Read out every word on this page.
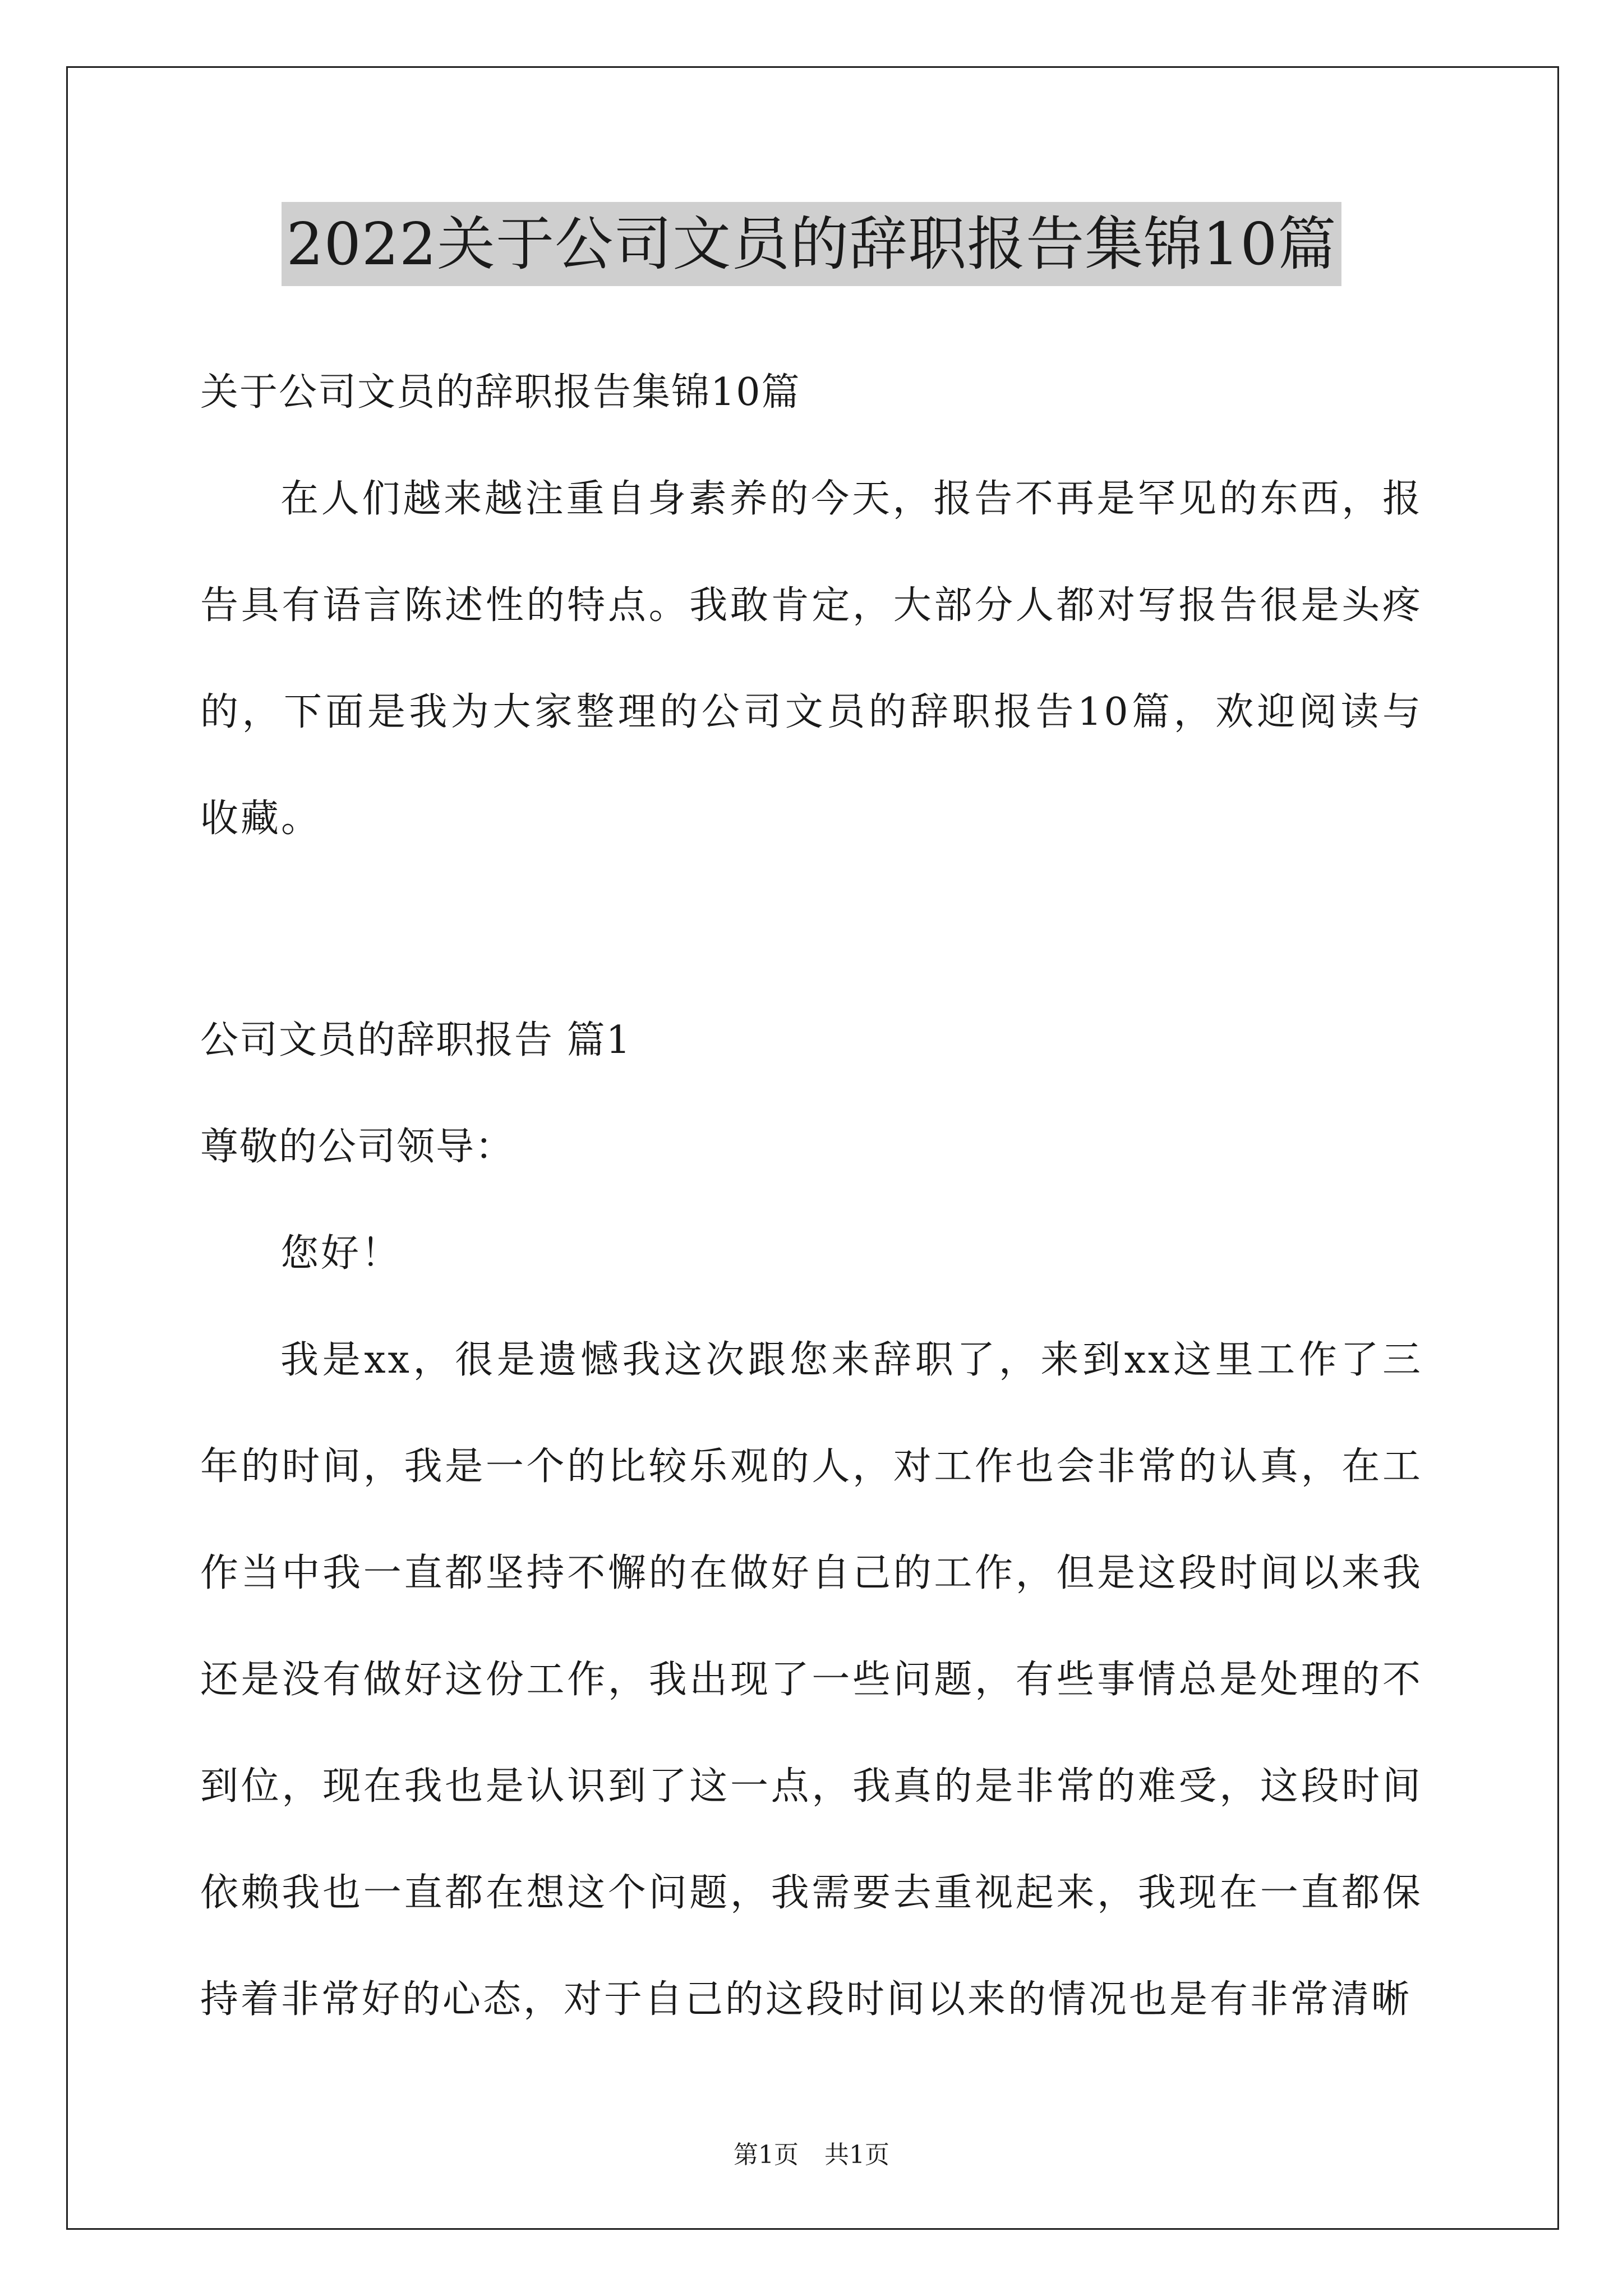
2022关于公司文员的辞职报告集锦10篇
关于公司文员的辞职报告集锦10篇

在人们越来越注重自身素养的今天，报告不再是罕见的东西，报告具有语言陈述性的特点。我敢肯定，大部分人都对写报告很是头疼的，下面是我为大家整理的公司文员的辞职报告10篇，欢迎阅读与收藏。

公司文员的辞职报告 篇1
尊敬的公司领导：

您好！

我是xx，很是遗憾我这次跟您来辞职了，来到xx这里工作了三年的时间，我是一个的比较乐观的人，对工作也会非常的认真，在工作当中我一直都坚持不懈的在做好自己的工作，但是这段时间以来我还是没有做好这份工作，我出现了一些问题，有些事情总是处理的不到位，现在我也是认识到了这一点，我真的是非常的难受，这段时间依赖我也一直都在想这个问题，我需要去重视起来，我现在一直都保持着非常好的心态，对于自己的这段时间以来的情况也是有非常清晰

第1页 共1页
